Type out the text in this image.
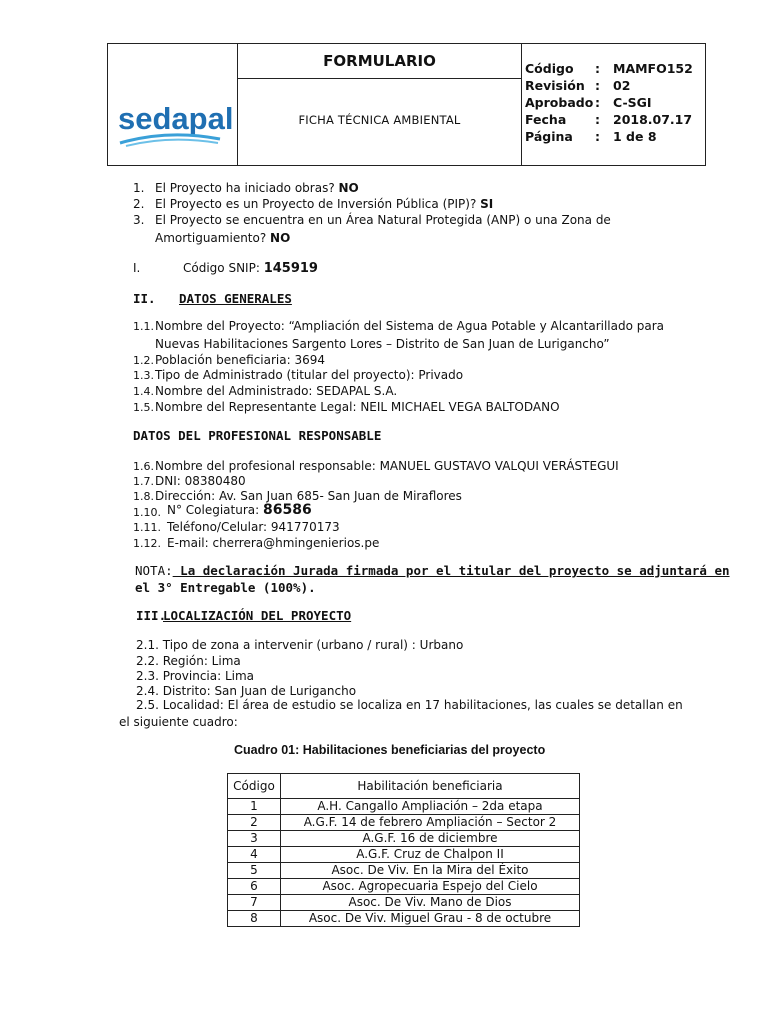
sedapal
FORMULARIO
FICHA TÉCNICA AMBIENTAL
Código : MAMFO152
Revisión : 02
Aprobado : C-SGI
Fecha : 2018.07.17
Página : 1 de 8
1. El Proyecto ha iniciado obras? NO
2. El Proyecto es un Proyecto de Inversión Pública (PIP)? SI
3. El Proyecto se encuentra en un Área Natural Protegida (ANP) o una Zona de
Amortiguamiento? NO
I.	Código SNIP: 145919
II. DATOS GENERALES
1.1. Nombre del Proyecto: “Ampliación del Sistema de Agua Potable y Alcantarillado para
Nuevas Habilitaciones Sargento Lores – Distrito de San Juan de Lurigancho”
1.2. Población beneficiaria: 3694
1.3. Tipo de Administrado (titular del proyecto): Privado
1.4. Nombre del Administrado: SEDAPAL S.A.
1.5. Nombre del Representante Legal: NEIL MICHAEL VEGA BALTODANO
DATOS DEL PROFESIONAL RESPONSABLE
1.6. Nombre del profesional responsable: MANUEL GUSTAVO VALQUI VERÁSTEGUI
1.7. DNI: 08380480
1.8. Dirección: Av. San Juan 685- San Juan de Miraflores
1.10. N° Colegiatura: 86586
1.11. Teléfono/Celular: 941770173
1.12. E-mail: cherrera@hmingenierios.pe
NOTA: La declaración Jurada firmada por el titular del proyecto se adjuntará en
el 3° Entregable (100%).
III.
LOCALIZACIÓN DEL PROYECTO
2.1. Tipo de zona a intervenir (urbano / rural) : Urbano
2.2. Región: Lima
2.3. Provincia: Lima
2.4. Distrito: San Juan de Lurigancho
2.5. Localidad: El área de estudio se localiza en 17 habilitaciones, las cuales se detallan en
el siguiente cuadro:
Cuadro 01: Habilitaciones beneficiarias del proyecto
Código	Habilitación beneficiaria
1	A.H. Cangallo Ampliación – 2da etapa
2	A.G.F. 14 de febrero Ampliación – Sector 2
3	A.G.F. 16 de diciembre
4	A.G.F. Cruz de Chalpon II
5	Asoc. De Viv. En la Mira del Éxito
6	Asoc. Agropecuaria Espejo del Cielo
7	Asoc. De Viv. Mano de Dios
8	Asoc. De Viv. Miguel Grau - 8 de octubre
